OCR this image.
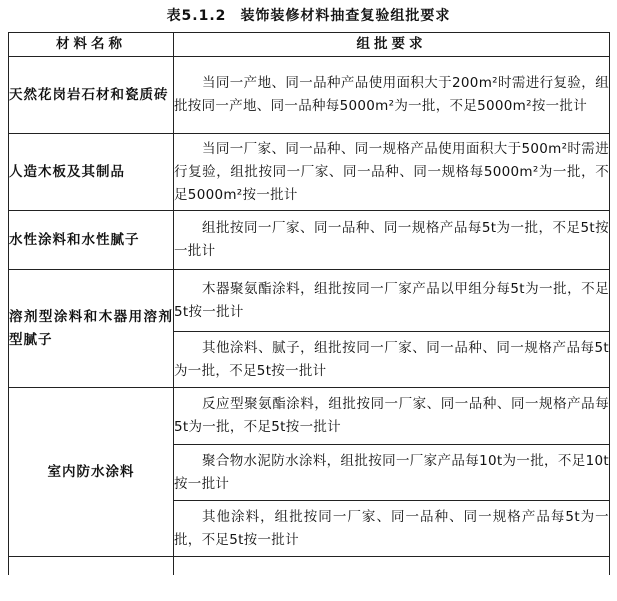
表5.1.2 装饰装修材料抽查复验组批要求
材料名称	组批要求
天然花岗岩石材和瓷质砖	当同一产地、同一品种产品使用面积大于200m²时需进行复验，组批按同一产地、同一品种每5000m²为一批，不足5000m²按一批计
人造木板及其制品	当同一厂家、同一品种、同一规格产品使用面积大于500m²时需进行复验，组批按同一厂家、同一品种、同一规格每5000m²为一批，不足5000m²按一批计
水性涂料和水性腻子	组批按同一厂家、同一品种、同一规格产品每5t为一批，不足5t按一批计
溶剂型涂料和木器用溶剂型腻子	木器聚氨酯涂料，组批按同一厂家产品以甲组分每5t为一批，不足5t按一批计
	其他涂料、腻子，组批按同一厂家、同一品种、同一规格产品每5t为一批，不足5t按一批计
室内防水涂料	反应型聚氨酯涂料，组批按同一厂家、同一品种、同一规格产品每5t为一批，不足5t按一批计
	聚合物水泥防水涂料，组批按同一厂家产品每10t为一批，不足10t按一批计
	其他涂料，组批按同一厂家、同一品种、同一规格产品每5t为一批，不足5t按一批计
